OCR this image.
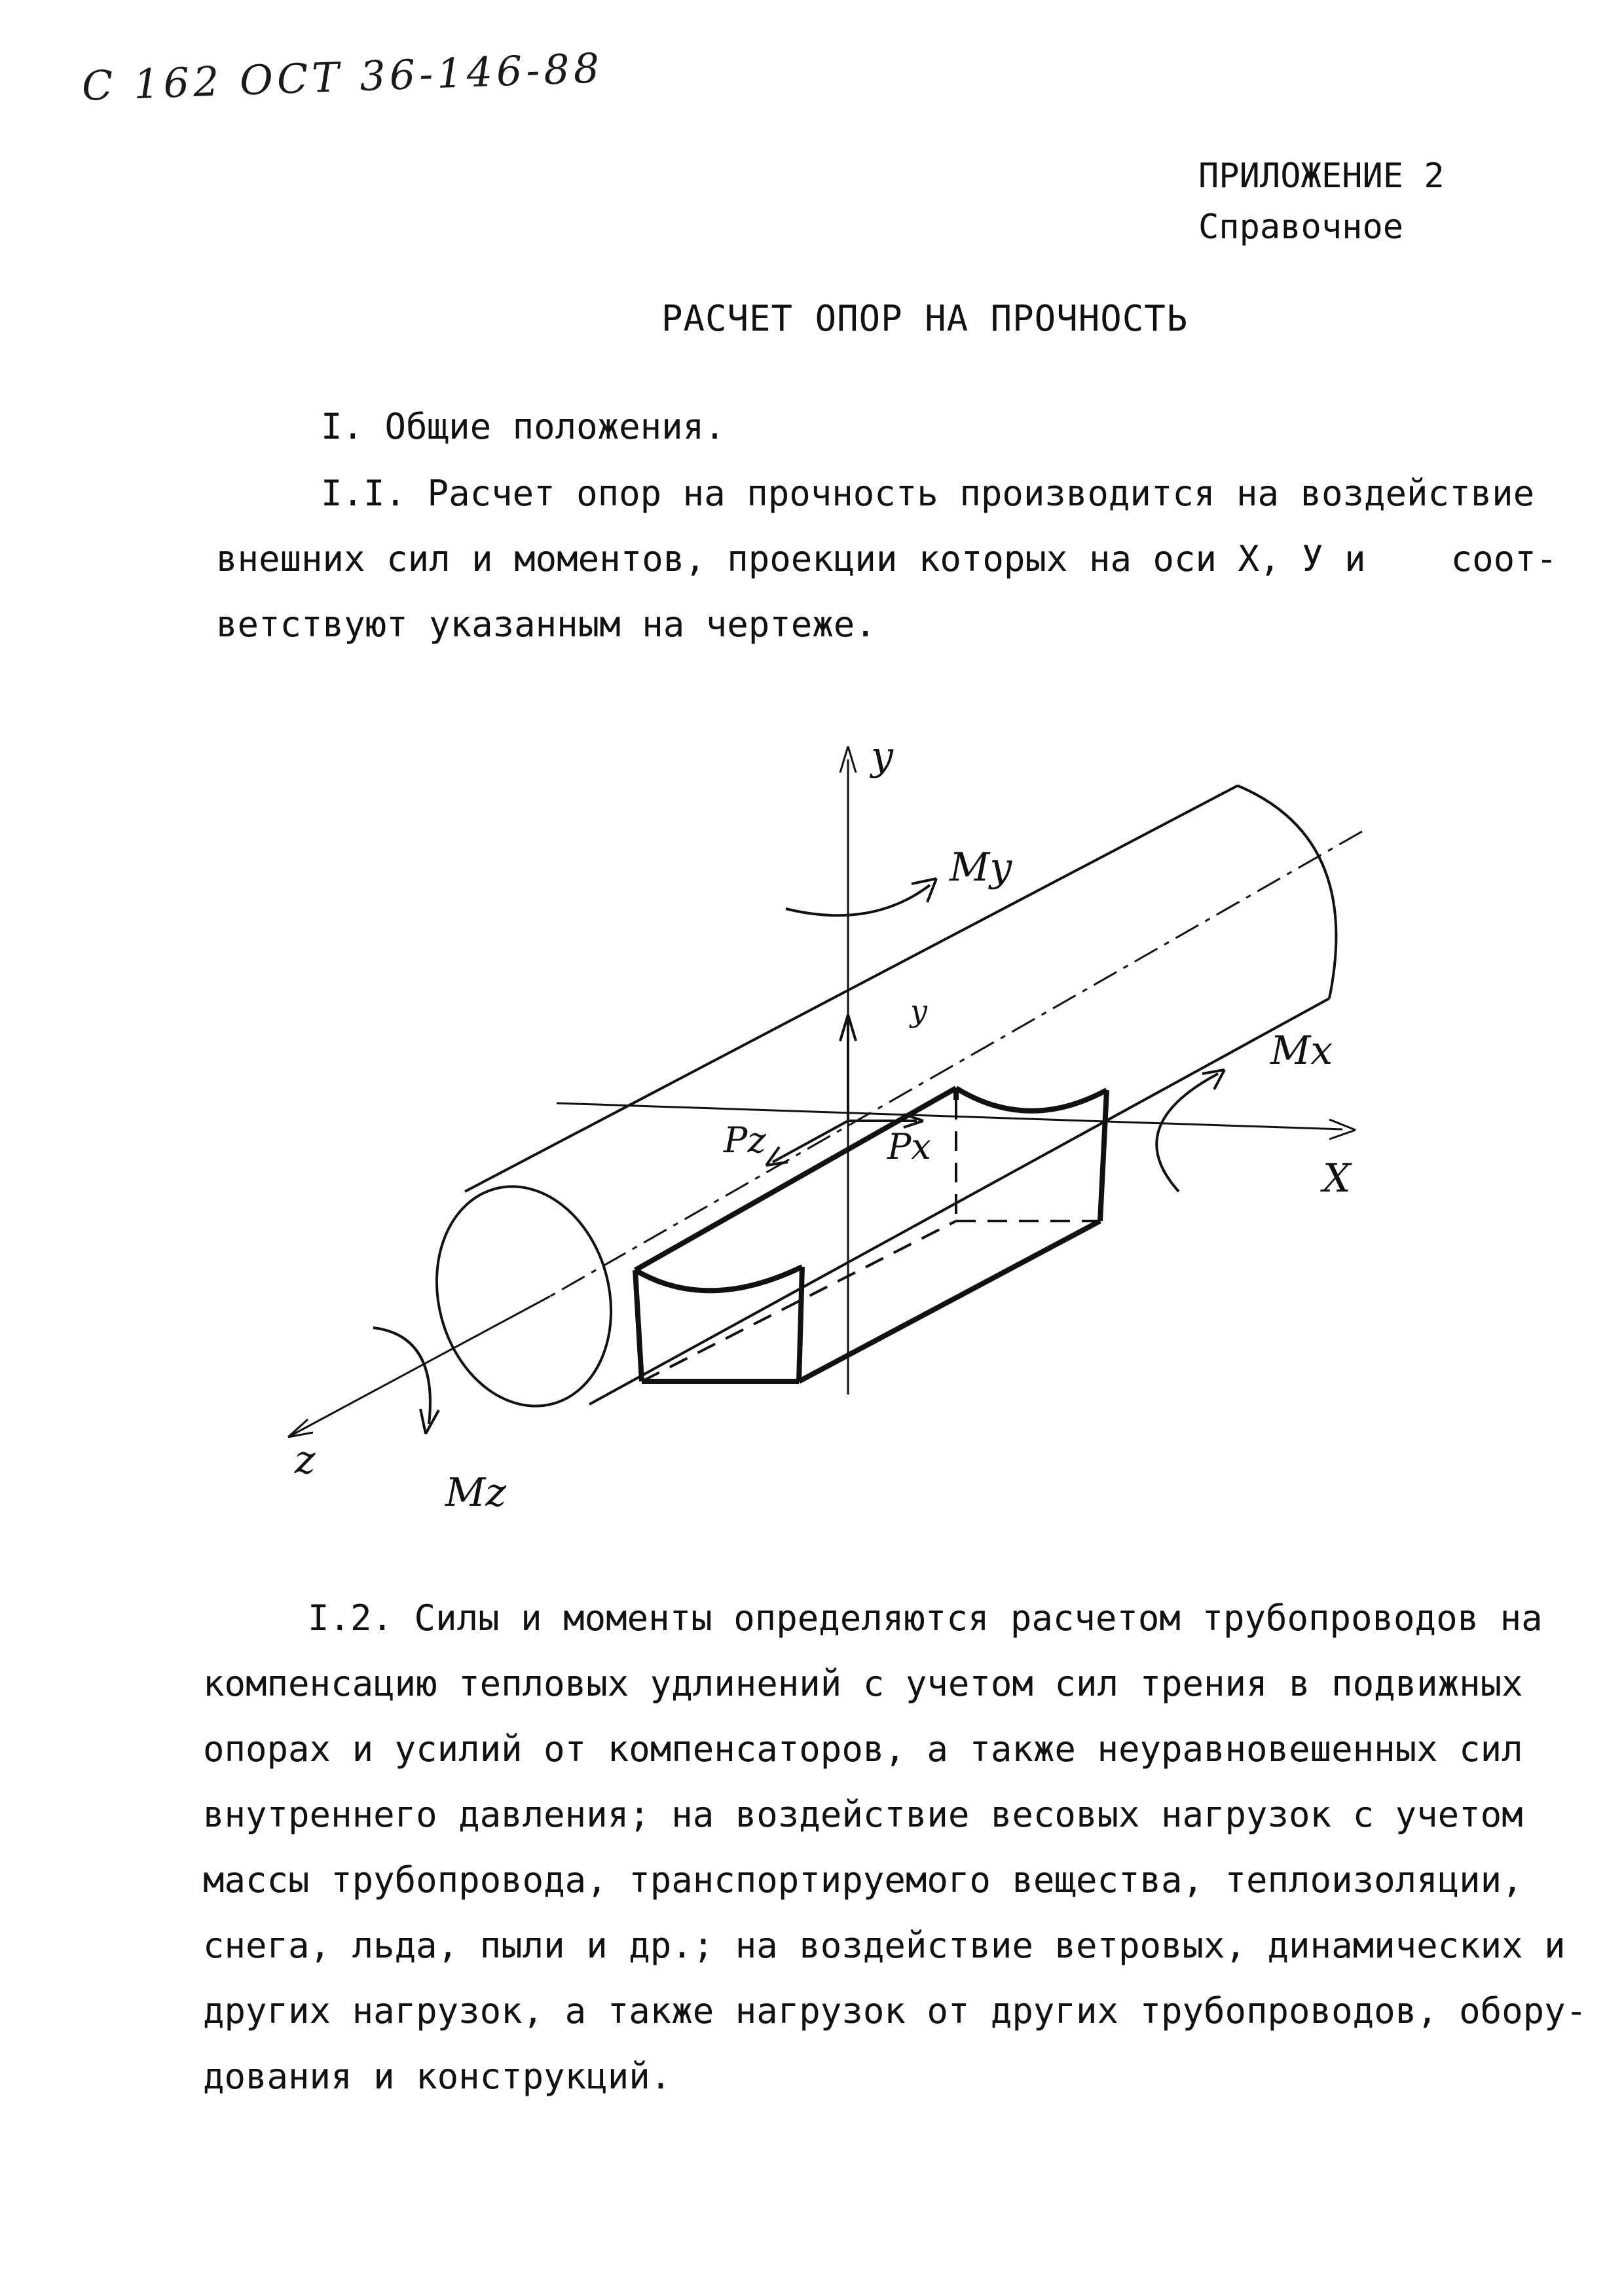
С 162 ОСТ 36-146-88
ПРИЛОЖЕНИЕ 2
Справочное
РАСЧЕТ ОПОР НА ПРОЧНОСТЬ
I. Общие положения.
I.I. Расчет опор на прочность производится на воздействие
внешних сил и моментов, проекции которых на оси X, У и    соот-
ветствуют указанным на чертеже.
y
My
y
Mx
Pz	Px
X
z
Mz
I.2. Силы и моменты определяются расчетом трубопроводов на
компенсацию тепловых удлинений с учетом сил трения в подвижных
опорах и усилий от компенсаторов, а также неуравновешенных сил
внутреннего давления; на воздействие весовых нагрузок с учетом
массы трубопровода, транспортируемого вещества, теплоизоляции,
снега, льда, пыли и др.; на воздействие ветровых, динамических и
других нагрузок, а также нагрузок от других трубопроводов, обору-
дования и конструкций.
